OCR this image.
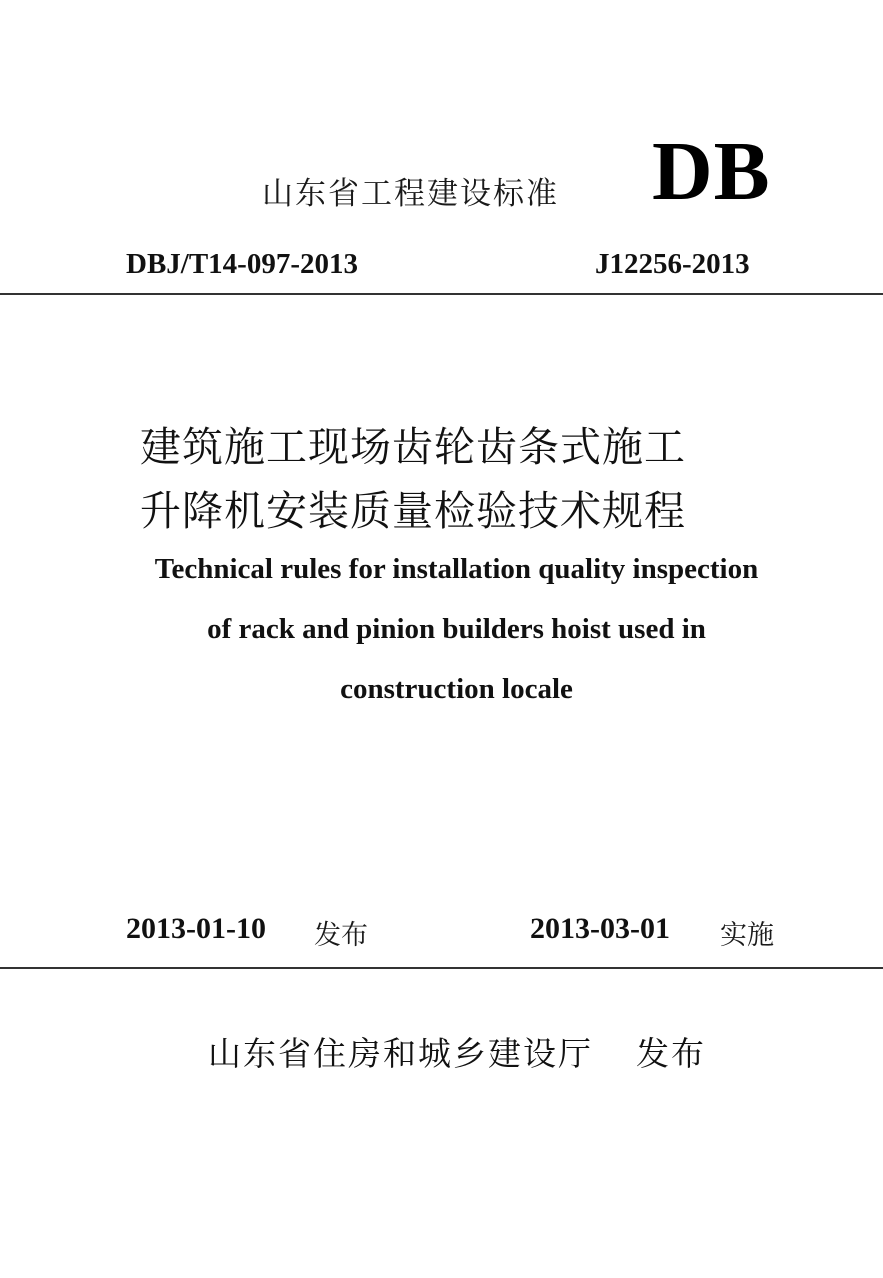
山东省工程建设标准 DB
DBJ/T14-097-2013	J12256-2013
建筑施工现场齿轮齿条式施工
升降机安装质量检验技术规程
Technical rules for installation quality inspection
of rack and pinion builders hoist used in
construction locale
2013-01-10 发布	2013-03-01 实施
山东省住房和城乡建设厅 发布
